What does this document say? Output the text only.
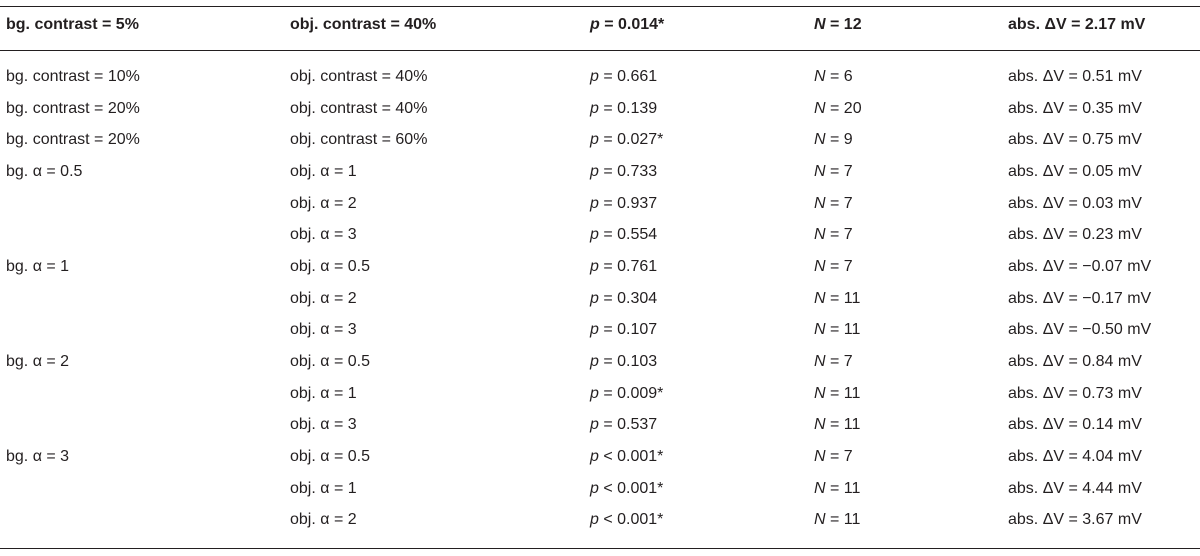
bg. contrast = 5%	obj. contrast = 40%	p = 0.014*	N = 12	abs. ΔV = 2.17 mV

bg. contrast = 10%	obj. contrast = 40%	p = 0.661	N = 6	abs. ΔV = 0.51 mV
bg. contrast = 20%	obj. contrast = 40%	p = 0.139	N = 20	abs. ΔV = 0.35 mV
bg. contrast = 20%	obj. contrast = 60%	p = 0.027*	N = 9	abs. ΔV = 0.75 mV
bg. α = 0.5	obj. α = 1	p = 0.733	N = 7	abs. ΔV = 0.05 mV
	obj. α = 2	p = 0.937	N = 7	abs. ΔV = 0.03 mV
	obj. α = 3	p = 0.554	N = 7	abs. ΔV = 0.23 mV
bg. α = 1	obj. α = 0.5	p = 0.761	N = 7	abs. ΔV = −0.07 mV
	obj. α = 2	p = 0.304	N = 11	abs. ΔV = −0.17 mV
	obj. α = 3	p = 0.107	N = 11	abs. ΔV = −0.50 mV
bg. α = 2	obj. α = 0.5	p = 0.103	N = 7	abs. ΔV = 0.84 mV
	obj. α = 1	p = 0.009*	N = 11	abs. ΔV = 0.73 mV
	obj. α = 3	p = 0.537	N = 11	abs. ΔV = 0.14 mV
bg. α = 3	obj. α = 0.5	p < 0.001*	N = 7	abs. ΔV = 4.04 mV
	obj. α = 1	p < 0.001*	N = 11	abs. ΔV = 4.44 mV
	obj. α = 2	p < 0.001*	N = 11	abs. ΔV = 3.67 mV
